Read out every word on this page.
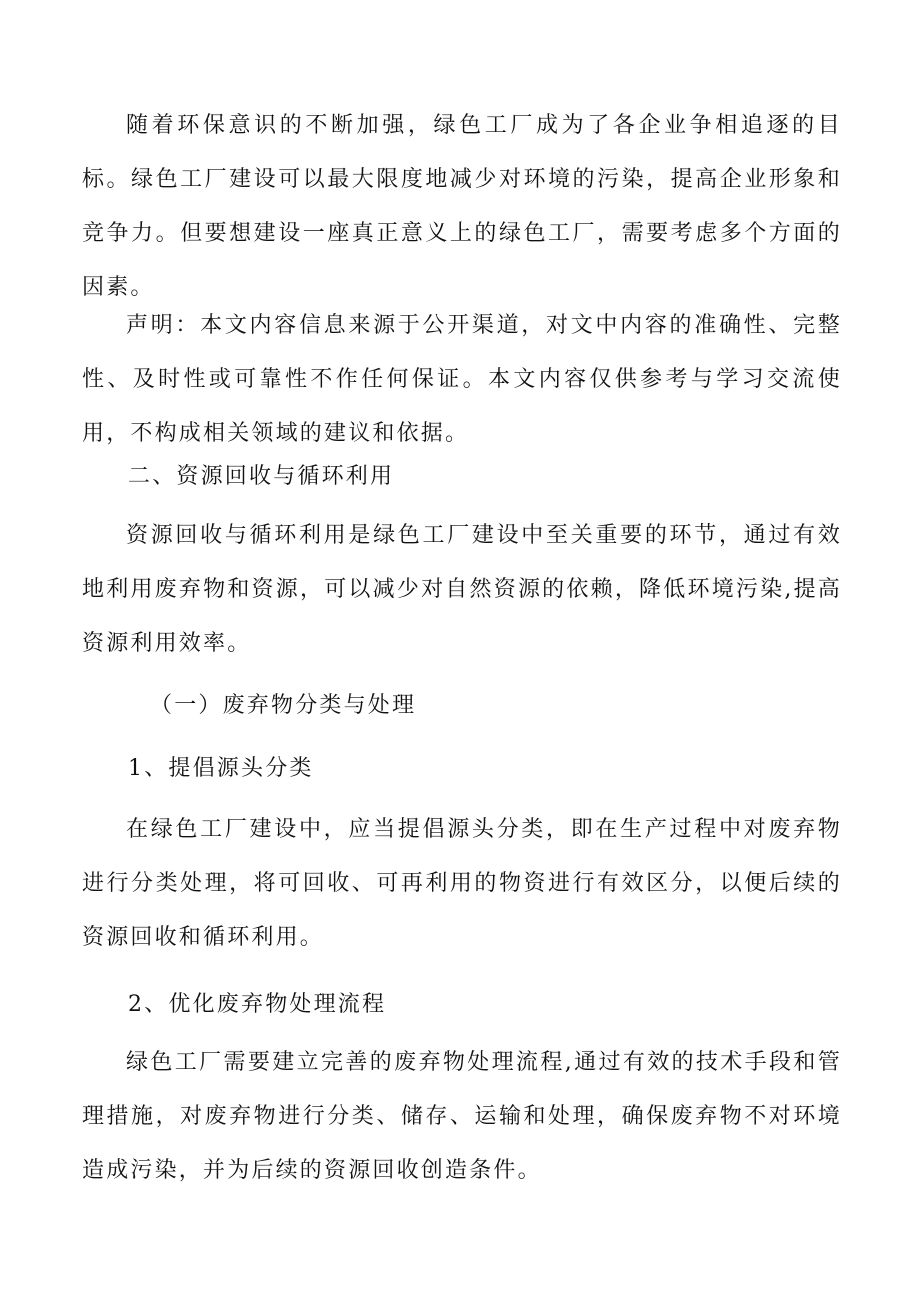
随着环保意识的不断加强，绿色工厂成为了各企业争相追逐的目标。绿色工厂建设可以最大限度地减少对环境的污染，提高企业形象和竞争力。但要想建设一座真正意义上的绿色工厂，需要考虑多个方面的因素。

声明：本文内容信息来源于公开渠道，对文中内容的准确性、完整性、及时性或可靠性不作任何保证。本文内容仅供参考与学习交流使用，不构成相关领域的建议和依据。

二、资源回收与循环利用

资源回收与循环利用是绿色工厂建设中至关重要的环节，通过有效地利用废弃物和资源，可以减少对自然资源的依赖，降低环境污染,提高资源利用效率。

（一）废弃物分类与处理
1、提倡源头分类

在绿色工厂建设中，应当提倡源头分类，即在生产过程中对废弃物进行分类处理，将可回收、可再利用的物资进行有效区分，以便后续的资源回收和循环利用。

2、优化废弃物处理流程

绿色工厂需要建立完善的废弃物处理流程,通过有效的技术手段和管理措施，对废弃物进行分类、储存、运输和处理，确保废弃物不对环境造成污染，并为后续的资源回收创造条件。
